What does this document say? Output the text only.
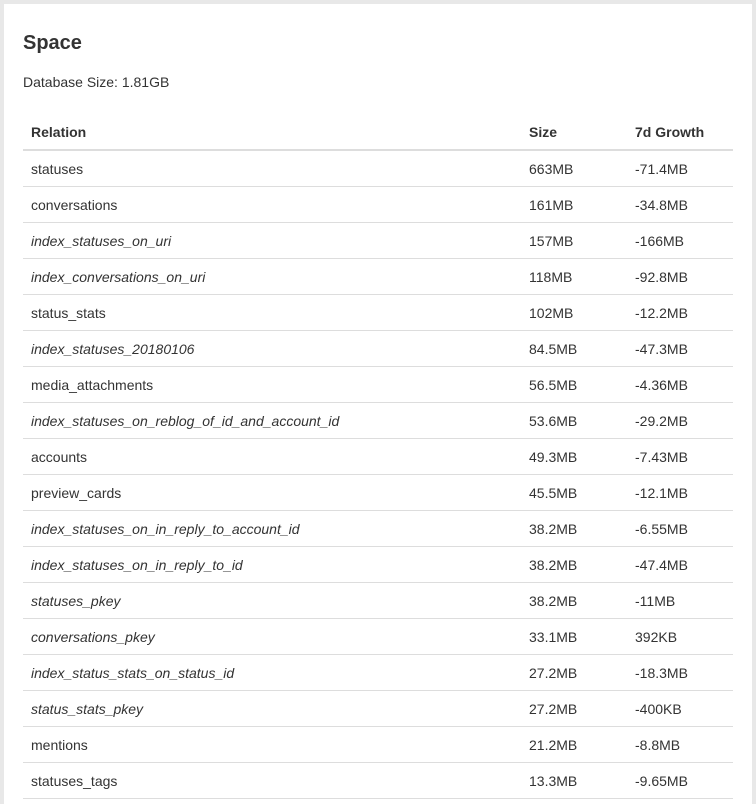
Space
Database Size: 1.81GB
Relation	Size	7d Growth
statuses	663MB	-71.4MB
conversations	161MB	-34.8MB
index_statuses_on_uri	157MB	-166MB
index_conversations_on_uri	118MB	-92.8MB
status_stats	102MB	-12.2MB
index_statuses_20180106	84.5MB	-47.3MB
media_attachments	56.5MB	-4.36MB
index_statuses_on_reblog_of_id_and_account_id	53.6MB	-29.2MB
accounts	49.3MB	-7.43MB
preview_cards	45.5MB	-12.1MB
index_statuses_on_in_reply_to_account_id	38.2MB	-6.55MB
index_statuses_on_in_reply_to_id	38.2MB	-47.4MB
statuses_pkey	38.2MB	-11MB
conversations_pkey	33.1MB	392KB
index_status_stats_on_status_id	27.2MB	-18.3MB
status_stats_pkey	27.2MB	-400KB
mentions	21.2MB	-8.8MB
statuses_tags	13.3MB	-9.65MB
